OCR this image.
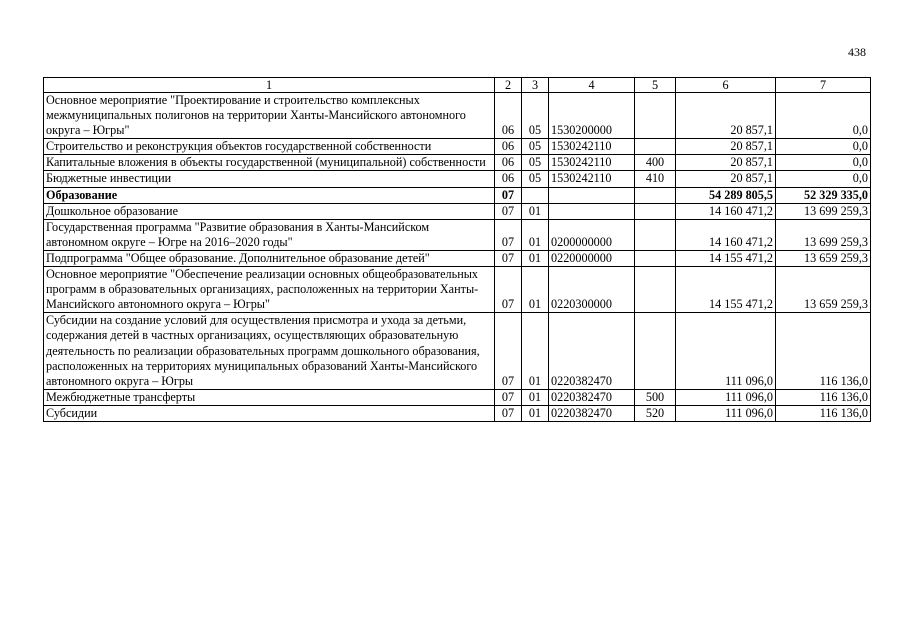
438
1	2	3	4	5	6	7

Основное мероприятие "Проектирование и строительство комплексных межмуниципальных полигонов на территории Ханты-Мансийского автономного округа – Югры"	06	05	1530200000		20 857,1	0,0

Строительство и реконструкция объектов государственной собственности	06	05	1530242110		20 857,1	0,0

Капитальные вложения в объекты государственной (муниципальной) собственности	06	05	1530242110	400	20 857,1	0,0

Бюджетные инвестиции	06	05	1530242110	410	20 857,1	0,0

Образование	07				54 289 805,5	52 329 335,0

Дошкольное образование	07	01			14 160 471,2	13 699 259,3

Государственная программа "Развитие образования в Ханты-Мансийском автономном округе – Югре на 2016–2020 годы"	07	01	0200000000		14 160 471,2	13 699 259,3

Подпрограмма "Общее образование. Дополнительное образование детей"	07	01	0220000000		14 155 471,2	13 659 259,3

Основное мероприятие "Обеспечение реализации основных общеобразовательных программ в образовательных организациях, расположенных на территории Ханты-Мансийского автономного округа – Югры"	07	01	0220300000		14 155 471,2	13 659 259,3

Субсидии на создание условий для осуществления присмотра и ухода за детьми, содержания детей в частных организациях, осуществляющих образовательную деятельность по реализации образовательных программ дошкольного образования, расположенных на территориях муниципальных образований Ханты-Мансийского автономного округа – Югры	07	01	0220382470		111 096,0	116 136,0

Межбюджетные трансферты	07	01	0220382470	500	111 096,0	116 136,0

Субсидии	07	01	0220382470	520	111 096,0	116 136,0
